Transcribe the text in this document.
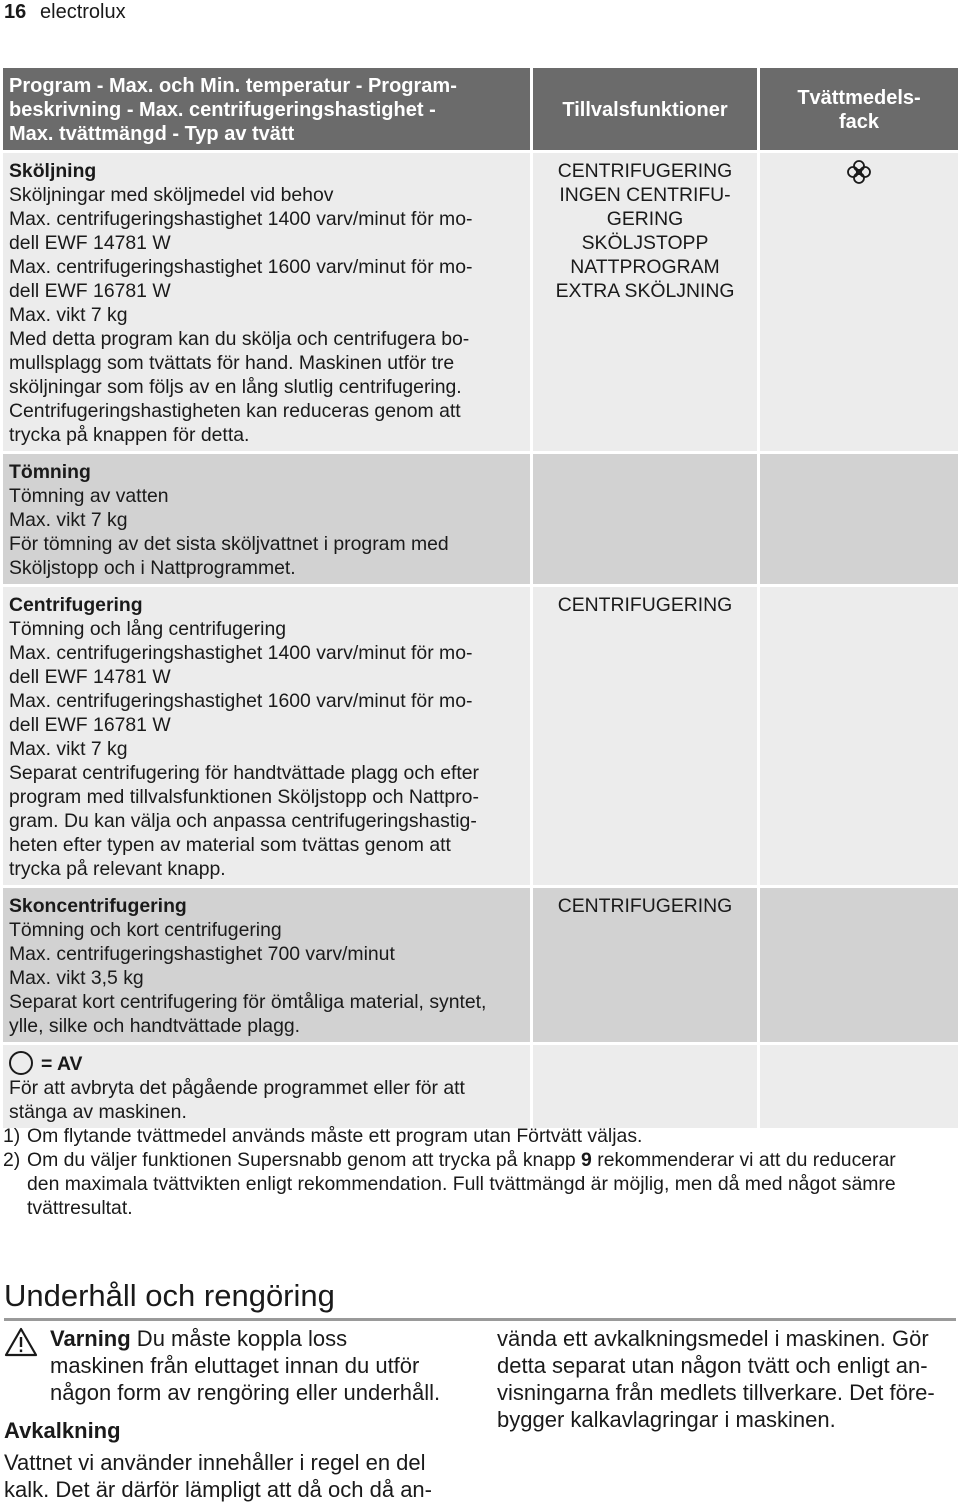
16 electrolux
Program - Max. och Min. temperatur - Program-
beskrivning - Max. centrifugeringshastighet -
Max. tvättmängd - Typ av tvätt
Tillvalsfunktioner
Tvättmedels-
fack
Sköljning
Sköljningar med sköljmedel vid behov
Max. centrifugeringshastighet 1400 varv/minut för mo-
dell EWF 14781 W
Max. centrifugeringshastighet 1600 varv/minut för mo-
dell EWF 16781 W
Max. vikt 7 kg
Med detta program kan du skölja och centrifugera bo-
mullsplagg som tvättats för hand. Maskinen utför tre
sköljningar som följs av en lång slutlig centrifugering.
Centrifugeringshastigheten kan reduceras genom att
trycka på knappen för detta.
CENTRIFUGERING
INGEN CENTRIFU-
GERING
SKÖLJSTOPP
NATTPROGRAM
EXTRA SKÖLJNING
Tömning
Tömning av vatten
Max. vikt 7 kg
För tömning av det sista sköljvattnet i program med
Sköljstopp och i Nattprogrammet.
Centrifugering
Tömning och lång centrifugering
Max. centrifugeringshastighet 1400 varv/minut för mo-
dell EWF 14781 W
Max. centrifugeringshastighet 1600 varv/minut för mo-
dell EWF 16781 W
Max. vikt 7 kg
Separat centrifugering för handtvättade plagg och efter
program med tillvalsfunktionen Sköljstopp och Nattpro-
gram. Du kan välja och anpassa centrifugeringshastig-
heten efter typen av material som tvättas genom att
trycka på relevant knapp.
CENTRIFUGERING
Skoncentrifugering
Tömning och kort centrifugering
Max. centrifugeringshastighet 700 varv/minut
Max. vikt 3,5 kg
Separat kort centrifugering för ömtåliga material, syntet,
ylle, silke och handtvättade plagg.
CENTRIFUGERING
= AV
För att avbryta det pågående programmet eller för att
stänga av maskinen.
1) Om flytande tvättmedel används måste ett program utan Förtvätt väljas.
2) Om du väljer funktionen Supersnabb genom att trycka på knapp 9 rekommenderar vi att du reducerar
den maximala tvättvikten enligt rekommendation. Full tvättmängd är möjlig, men då med något sämre
tvättresultat.
Underhåll och rengöring
Varning Du måste koppla loss
maskinen från eluttaget innan du utför
någon form av rengöring eller underhåll.
Avkalkning
Vattnet vi använder innehåller i regel en del
kalk. Det är därför lämpligt att då och då an-
vända ett avkalkningsmedel i maskinen. Gör
detta separat utan någon tvätt och enligt an-
visningarna från medlets tillverkare. Det före-
bygger kalkavlagringar i maskinen.
